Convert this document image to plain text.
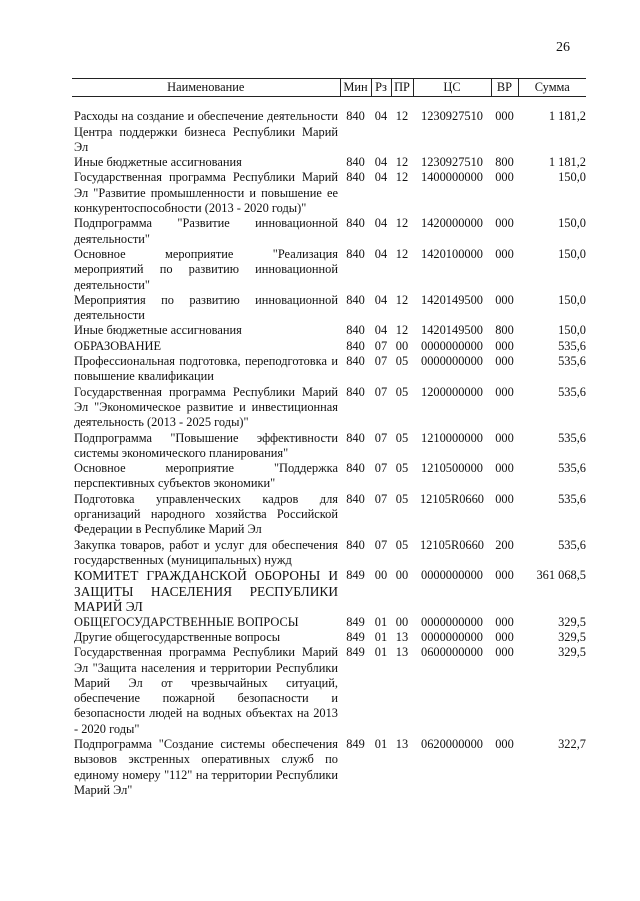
26
Наименование	Мин	Рз	ПР	ЦС	ВР	Сумма

Расходы на создание и обеспечение деятельности Центра поддержки бизнеса Республики Марий Эл	840	04	12	1230927510	000	1 181,2
Иные бюджетные ассигнования	840	04	12	1230927510	800	1 181,2
Государственная программа Республики Марий Эл "Развитие промышленности и повышение ее конкурентоспособности (2013 - 2020 годы)"	840	04	12	1400000000	000	150,0
Подпрограмма "Развитие инновационной деятельности"	840	04	12	1420000000	000	150,0
Основное мероприятие "Реализация мероприятий по развитию инновационной деятельности"	840	04	12	1420100000	000	150,0
Мероприятия по развитию инновационной деятельности	840	04	12	1420149500	000	150,0
Иные бюджетные ассигнования	840	04	12	1420149500	800	150,0
ОБРАЗОВАНИЕ	840	07	00	0000000000	000	535,6
Профессиональная подготовка, переподготовка и повышение квалификации	840	07	05	0000000000	000	535,6
Государственная программа Республики Марий Эл "Экономическое развитие и инвестиционная деятельность (2013 - 2025 годы)"	840	07	05	1200000000	000	535,6
Подпрограмма "Повышение эффективности системы экономического планирования"	840	07	05	1210000000	000	535,6
Основное мероприятие "Поддержка перспективных субъектов экономики"	840	07	05	1210500000	000	535,6
Подготовка управленческих кадров для организаций народного хозяйства Российской Федерации в Республике Марий Эл	840	07	05	12105R0660	000	535,6
Закупка товаров, работ и услуг для обеспечения государственных (муниципальных) нужд	840	07	05	12105R0660	200	535,6
КОМИТЕТ ГРАЖДАНСКОЙ ОБОРОНЫ И ЗАЩИТЫ НАСЕЛЕНИЯ РЕСПУБЛИКИ МАРИЙ ЭЛ	849	00	00	0000000000	000	361 068,5
ОБЩЕГОСУДАРСТВЕННЫЕ ВОПРОСЫ	849	01	00	0000000000	000	329,5
Другие общегосударственные вопросы	849	01	13	0000000000	000	329,5
Государственная программа Республики Марий Эл "Защита населения и территории Республики Марий Эл от чрезвычайных ситуаций, обеспечение пожарной безопасности и безопасности людей на водных объектах на 2013 - 2020 годы"	849	01	13	0600000000	000	329,5
Подпрограмма "Создание системы обеспечения вызовов экстренных оперативных служб по единому номеру "112" на территории Республики Марий Эл"	849	01	13	0620000000	000	322,7
